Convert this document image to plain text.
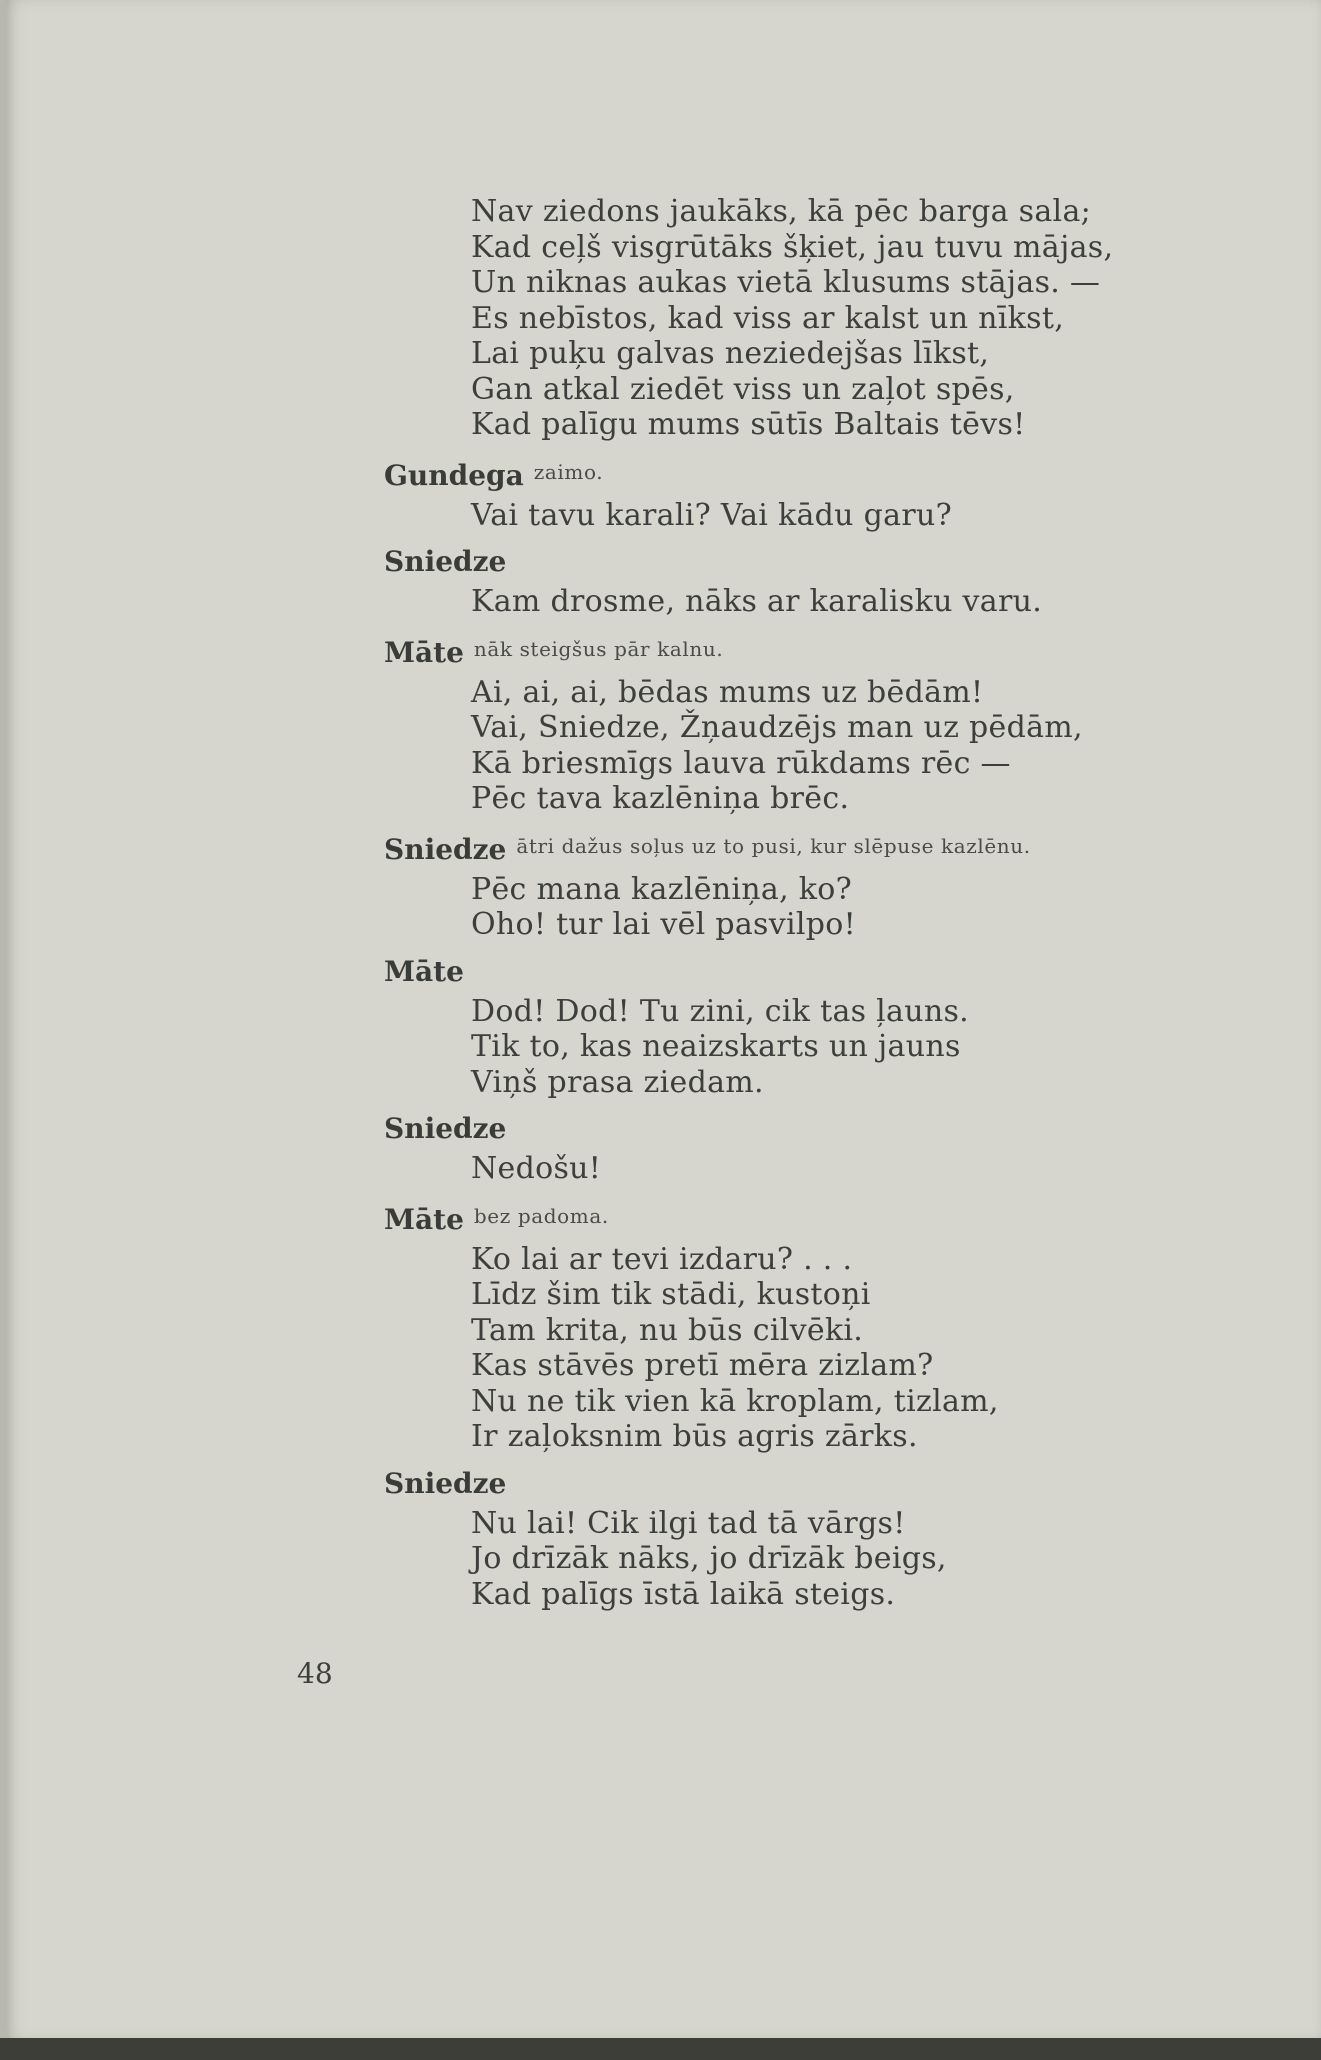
Nav ziedons jaukāks, kā pēc barga sala;
Kad ceļš visgrūtāks šķiet, jau tuvu mājas,
Un niknas aukas vietā klusums stājas. —
Es nebīstos, kad viss ar kalst un nīkst,
Lai puķu galvas neziedejšas līkst,
Gan atkal ziedēt viss un zaļot spēs,
Kad palīgu mums sūtīs Baltais tēvs!
Gundega $^{zaimo.}$
Vai tavu karali? Vai kādu garu?
Sniedze
Kam drosme, nāks ar karalisku varu.
Māte $^{nāk steigšus pār kalnu.}$
Ai, ai, ai, bēdas mums uz bēdām!
Vai, Sniedze, Žņaudzējs man uz pēdām,
Kā briesmīgs lauva rūkdams rēc —
Pēc tava kazlēniņa brēc.
Sniedze $^{ātri dažus soļus uz to pusi, kur slēpuse kazlēnu.}$
Pēc mana kazlēniņa, ko?
Oho! tur lai vēl pasvilpo!
Māte
Dod! Dod! Tu zini, cik tas ļauns.
Tik to, kas neaizskarts un jauns
Viņš prasa ziedam.
Sniedze
Nedošu!
Māte $^{bez padoma.}$
Ko lai ar tevi izdaru? . . .
Līdz šim tik stādi, kustoņi
Tam krita, nu būs cilvēki.
Kas stāvēs pretī mēra zizlam?
Nu ne tik vien kā kroplam, tizlam,
Ir zaļoksnim būs agris zārks.
Sniedze
Nu lai! Cik ilgi tad tā vārgs!
Jo drīzāk nāks, jo drīzāk beigs,
Kad palīgs īstā laikā steigs.
48
